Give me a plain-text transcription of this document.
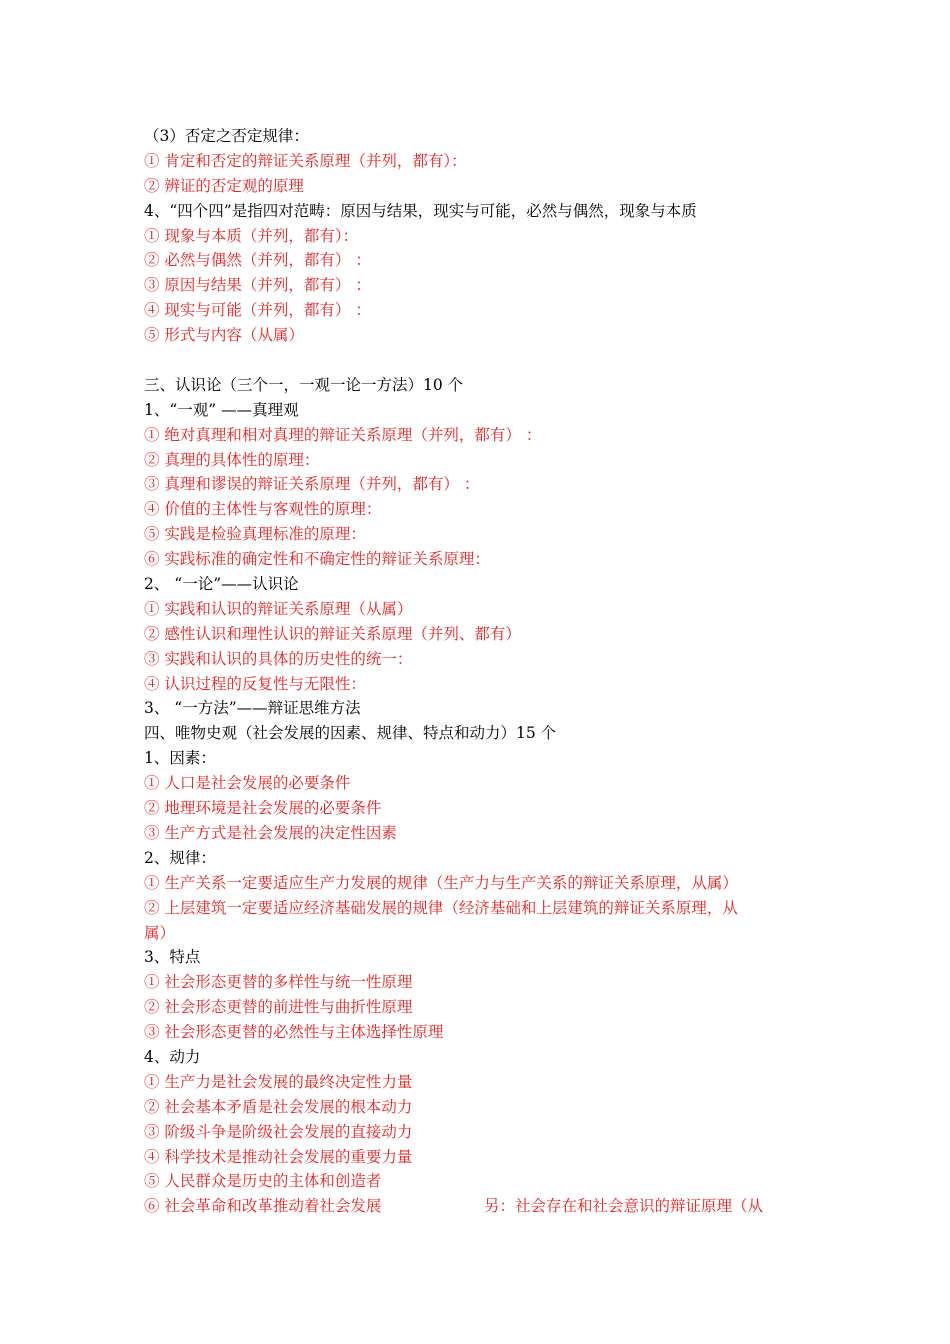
（3）否定之否定规律：
① 肯定和否定的辩证关系原理（并列，都有）：
② 辨证的否定观的原理
4、“四个四”是指四对范畴：原因与结果，现实与可能，必然与偶然，现象与本质
① 现象与本质（并列，都有）：
② 必然与偶然（并列，都有） ：
③ 原因与结果（并列，都有） ：
④ 现实与可能（并列，都有） ：
⑤ 形式与内容（从属）
三、认识论（三个一，一观一论一方法）10 个
1、“一观” ——真理观
① 绝对真理和相对真理的辩证关系原理（并列，都有） ：
② 真理的具体性的原理：
③ 真理和谬误的辩证关系原理（并列，都有） ：
④ 价值的主体性与客观性的原理：
⑤ 实践是检验真理标准的原理：
⑥ 实践标准的确定性和不确定性的辩证关系原理：
2、 “一论”——认识论
① 实践和认识的辩证关系原理（从属）
② 感性认识和理性认识的辩证关系原理（并列、都有）
③ 实践和认识的具体的历史性的统一：
④ 认识过程的反复性与无限性：
3、 “一方法”——辩证思维方法
四、唯物史观（社会发展的因素、规律、特点和动力）15 个
1、因素：
① 人口是社会发展的必要条件
② 地理环境是社会发展的必要条件
③ 生产方式是社会发展的决定性因素
2、规律：
① 生产关系一定要适应生产力发展的规律（生产力与生产关系的辩证关系原理，从属）
② 上层建筑一定要适应经济基础发展的规律（经济基础和上层建筑的辩证关系原理，从
属）
3、特点
① 社会形态更替的多样性与统一性原理
② 社会形态更替的前进性与曲折性原理
③ 社会形态更替的必然性与主体选择性原理
4、动力
① 生产力是社会发展的最终决定性力量
② 社会基本矛盾是社会发展的根本动力
③ 阶级斗争是阶级社会发展的直接动力
④ 科学技术是推动社会发展的重要力量
⑤ 人民群众是历史的主体和创造者
⑥ 社会革命和改革推动着社会发展	另：社会存在和社会意识的辩证原理（从
